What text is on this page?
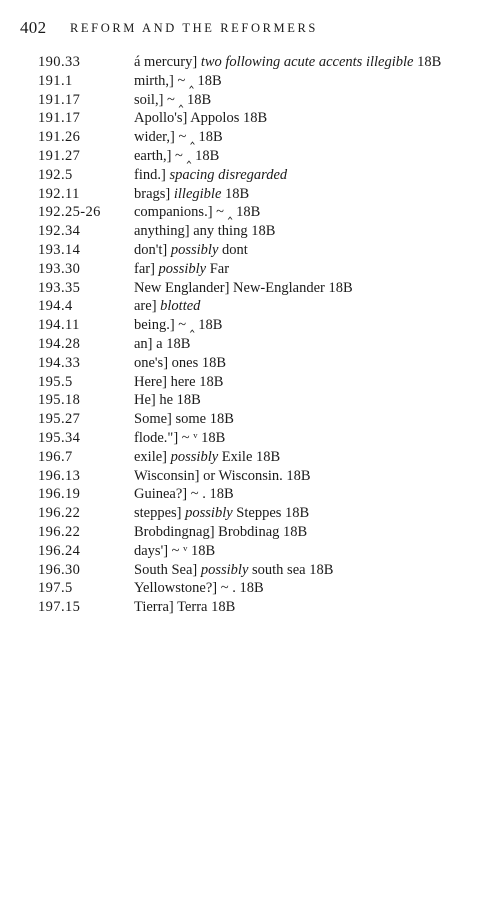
402 REFORM AND THE REFORMERS
190.33	á mercury] two following acute accents illegible 18B
191.1	mirth,] ~ ‸ 18B
191.17	soil,] ~ ‸ 18B
191.17	Apollo's] Appolos 18B
191.26	wider,] ~ ‸ 18B
191.27	earth,] ~ ‸ 18B
192.5	find.] spacing disregarded
192.11	brags] illegible 18B
192.25-26	companions.] ~ ‸ 18B
192.34	anything] any thing 18B
193.14	don't] possibly dont
193.30	far] possibly Far
193.35	New Englander] New-Englander 18B
194.4	are] blotted
194.11	being.] ~ ‸ 18B
194.28	an] a 18B
194.33	one's] ones 18B
195.5	Here] here 18B
195.18	He] he 18B
195.27	Some] some 18B
195.34	flode."] ~ ᵛ 18B
196.7	exile] possibly Exile 18B
196.13	Wisconsin] or Wisconsin. 18B
196.19	Guinea?] ~ . 18B
196.22	steppes] possibly Steppes 18B
196.22	Brobdingnag] Brobdinag 18B
196.24	days'] ~ ᵛ 18B
196.30	South Sea] possibly south sea 18B
197.5	Yellowstone?] ~ . 18B
197.15	Tierra] Terra 18B
